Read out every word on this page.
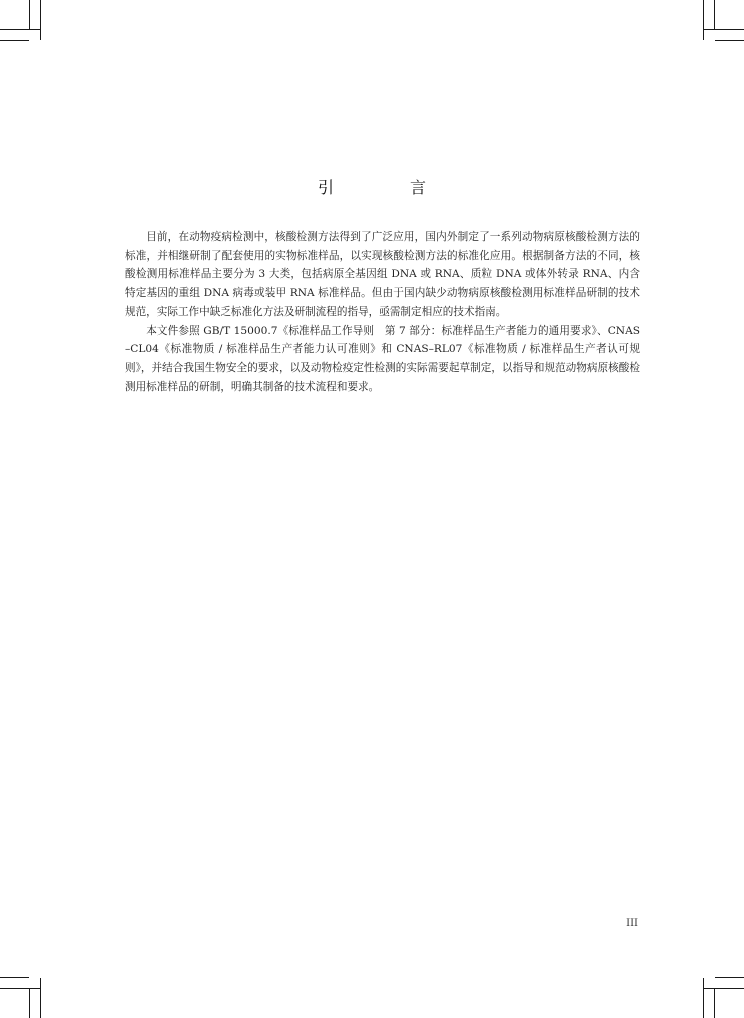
引　言

目前，在动物疫病检测中，核酸检测方法得到了广泛应用，国内外制定了一系列动物病原核酸检测方法的标准，并相继研制了配套使用的实物标准样品，以实现核酸检测方法的标准化应用。根据制备方法的不同，核酸检测用标准样品主要分为 3 大类，包括病原全基因组 DNA 或 RNA、质粒 DNA 或体外转录 RNA、内含特定基因的重组 DNA 病毒或装甲 RNA 标准样品。但由于国内缺少动物病原核酸检测用标准样品研制的技术规范，实际工作中缺乏标准化方法及研制流程的指导，亟需制定相应的技术指南。

本文件参照 GB/T 15000.7《标准样品工作导则　第 7 部分：标准样品生产者能力的通用要求》、CNAS–CL04《标准物质 / 标准样品生产者能力认可准则》和 CNAS–RL07《标准物质 / 标准样品生产者认可规则》，并结合我国生物安全的要求，以及动物检疫定性检测的实际需要起草制定，以指导和规范动物病原核酸检测用标准样品的研制，明确其制备的技术流程和要求。

III
